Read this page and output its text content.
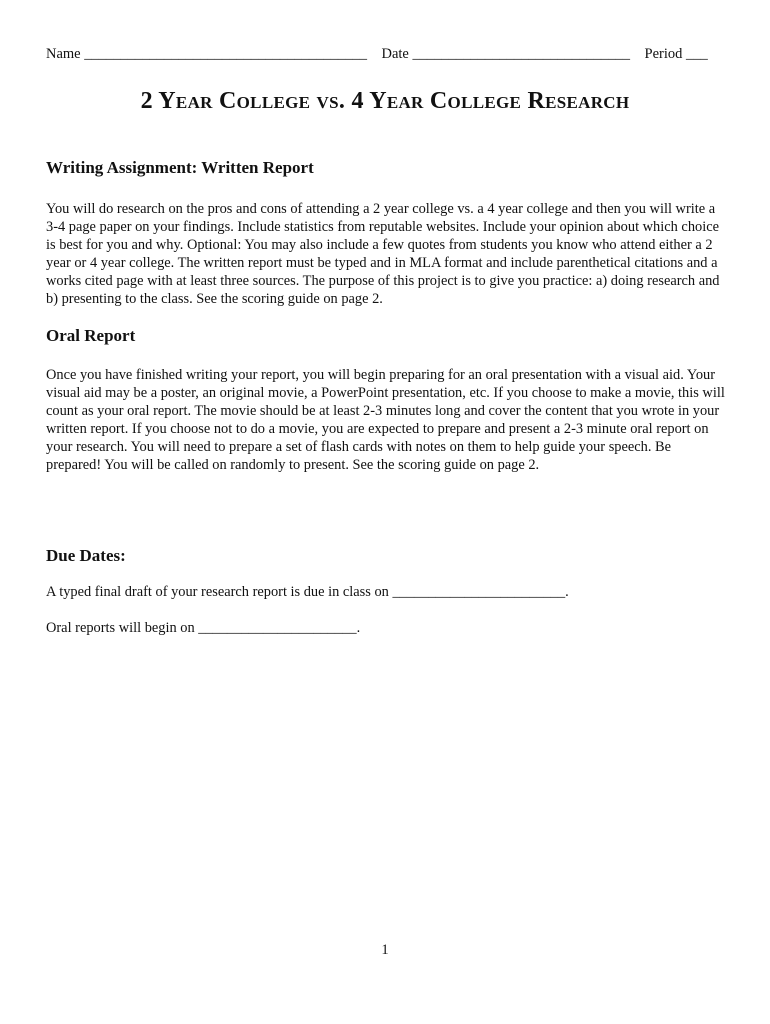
Name _______________________________________ Date ______________________________ Period ___
2 Year College vs. 4 Year College Research
Writing Assignment: Written Report

You will do research on the pros and cons of attending a 2 year college vs. a 4 year college and then you will write a 3-4 page paper on your findings. Include statistics from reputable websites. Include your opinion about which choice is best for you and why. Optional: You may also include a few quotes from students you know who attend either a 2 year or 4 year college. The written report must be typed and in MLA format and include parenthetical citations and a works cited page with at least three sources. The purpose of this project is to give you practice: a) doing research and b) presenting to the class. See the scoring guide on page 2.

Oral Report

Once you have finished writing your report, you will begin preparing for an oral presentation with a visual aid. Your visual aid may be a poster, an original movie, a PowerPoint presentation, etc. If you choose to make a movie, this will count as your oral report. The movie should be at least 2-3 minutes long and cover the content that you wrote in your written report. If you choose not to do a movie, you are expected to prepare and present a 2-3 minute oral report on your research. You will need to prepare a set of flash cards with notes on them to help guide your speech. Be prepared! You will be called on randomly to present. See the scoring guide on page 2.

Due Dates:

A typed final draft of your research report is due in class on ________________________.

Oral reports will begin on ______________________.

1
